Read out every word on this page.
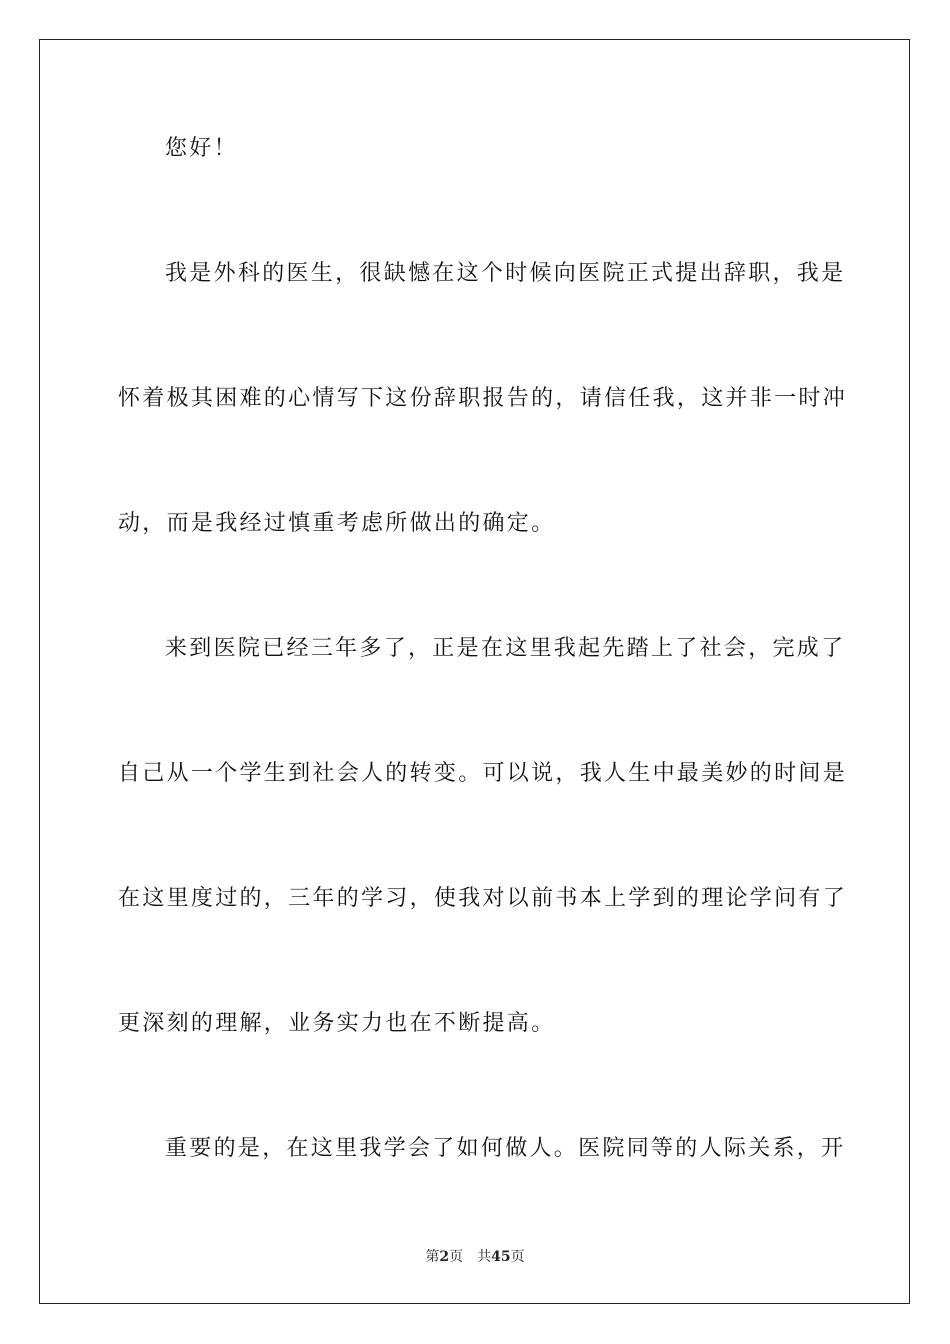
您好！

我是外科的医生，很缺憾在这个时候向医院正式提出辞职，我是

怀着极其困难的心情写下这份辞职报告的，请信任我，这并非一时冲

动，而是我经过慎重考虑所做出的确定。

来到医院已经三年多了，正是在这里我起先踏上了社会，完成了

自己从一个学生到社会人的转变。可以说，我人生中最美妙的时间是

在这里度过的，三年的学习，使我对以前书本上学到的理论学问有了

更深刻的理解，业务实力也在不断提高。

重要的是，在这里我学会了如何做人。医院同等的人际关系，开

第2页 共45页
